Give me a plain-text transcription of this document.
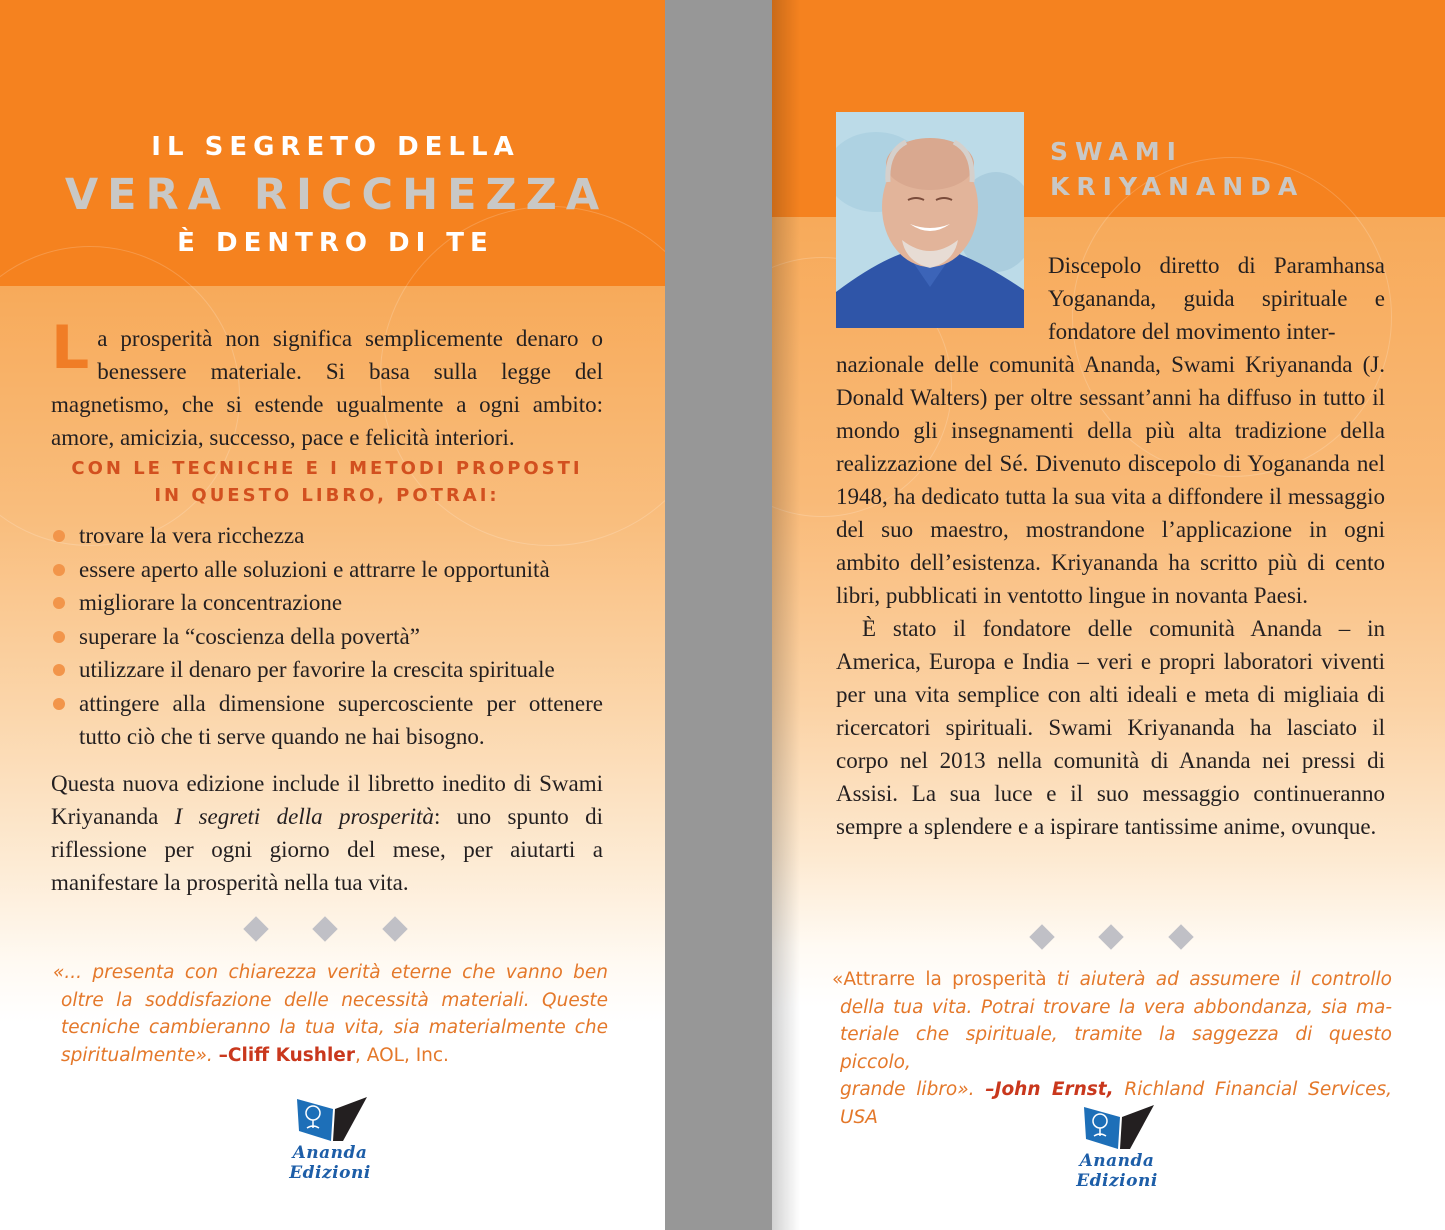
IL SEGRETO DELLA
VERA RICCHEZZA
È DENTRO DI TE
L a prosperità non significa semplicemente denaro o benessere materiale. Si basa sulla legge del magnetismo, che si estende ugualmente a ogni ambito: amore, amicizia, successo, pace e felicità interiori.
CON LE TECNICHE E I METODI PROPOSTI
IN QUESTO LIBRO, POTRAI:
trovare la vera ricchezza
essere aperto alle soluzioni e attrarre le opportunità
migliorare la concentrazione
superare la “coscienza della povertà”
utilizzare il denaro per favorire la crescita spirituale
attingere alla dimensione supercosciente per ottenere tutto ciò che ti serve quando ne hai bisogno.
Questa nuova edizione include il libretto inedito di Swami Kriyananda I segreti della prosperità: uno spunto di riflessione per ogni giorno del mese, per aiutarti a manifestare la prosperità nella tua vita.
«... presenta con chiarezza verità eterne che vanno ben
oltre la soddisfazione delle necessità materiali. Queste
tecniche cambieranno la tua vita, sia materialmente che
spiritualmente». –Cliff Kushler, AOL, Inc.
Ananda Edizioni
SWAMI
KRIYANANDA
Discepolo diretto di Paramhansa Yogananda, guida spirituale e fondatore del movimento inter-

nazionale delle comunità Ananda, Swami Kriyananda (J. Donald Walters) per oltre sessant’anni ha diffuso in tutto il mondo gli insegnamenti della più alta tradizione della realizzazione del Sé. Divenuto discepolo di Yogananda nel 1948, ha dedicato tutta la sua vita a diffondere il messaggio del suo maestro, mostrandone l’applicazione in ogni ambito dell’esistenza. Kriyananda ha scritto più di cento libri, pubblicati in ventotto lingue in novanta Paesi.

È stato il fondatore delle comunità Ananda – in America, Europa e India – veri e propri laboratori viventi per una vita semplice con alti ideali e meta di migliaia di ricercatori spirituali. Swami Kriyananda ha lasciato il corpo nel 2013 nella comunità di Ananda nei pressi di Assisi. La sua luce e il suo messaggio continueranno sempre a splendere e a ispirare tantissime anime, ovunque.

«Attrarre la prosperità ti aiuterà ad assumere il controllo
della tua vita. Potrai trovare la vera abbondanza, sia ma-
teriale che spirituale, tramite la saggezza di questo piccolo,
grande libro». –John Ernst, Richland Financial Services, USA
Ananda Edizioni
